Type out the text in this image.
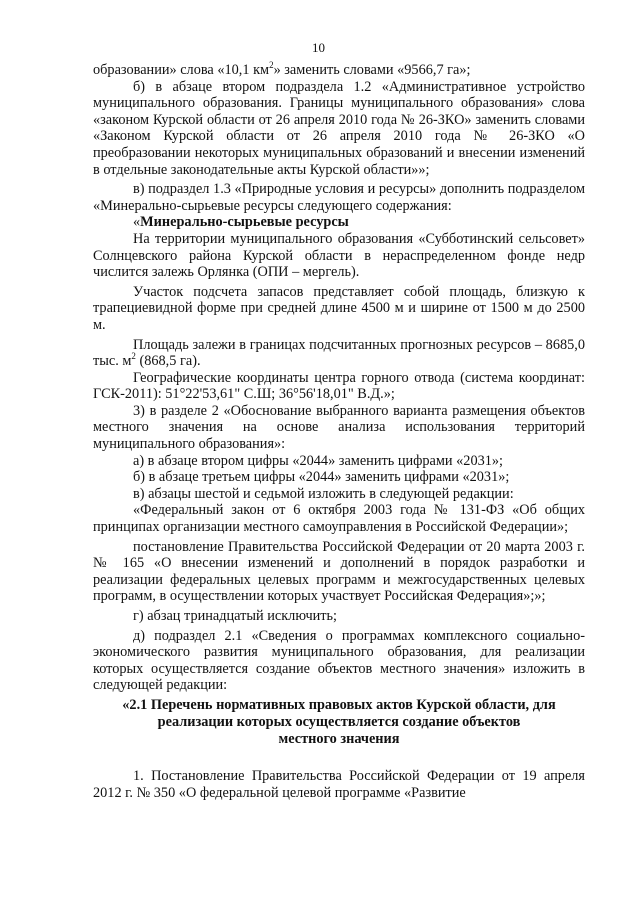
10

образовании» слова «10,1 $км^2$» заменить словами «9566,7 га»;

б) в абзаце втором подраздела 1.2 «Административное устройство муниципального образования. Границы муниципального образования» слова «законом Курской области от 26 апреля 2010 года № 26-ЗКО» заменить словами «Законом Курской области от 26 апреля 2010 года № 26-ЗКО «О преобразовании некоторых муниципальных образований и внесении изменений в отдельные законодательные акты Курской области»»;

в) подраздел 1.3 «Природные условия и ресурсы» дополнить подразделом «Минерально-сырьевые ресурсы следующего содержания:

«Минерально-сырьевые ресурсы

На территории муниципального образования «Субботинский сельсовет» Солнцевского района Курской области в нераспределенном фонде недр числится залежь Орлянка (ОПИ – мергель).

Участок подсчета запасов представляет собой площадь, близкую к трапециевидной форме при средней длине 4500 м и ширине от 1500 м до 2500 м.

Площадь залежи в границах подсчитанных прогнозных ресурсов – 8685,0 тыс. $м^2$ (868,5 га).

Географические координаты центра горного отвода (система координат: ГСК-2011): 51°22'53,61" С.Ш; 36°56'18,01" В.Д.»;

3) в разделе 2 «Обоснование выбранного варианта размещения объектов местного значения на основе анализа использования территорий муниципального образования»:

а) в абзаце втором цифры «2044» заменить цифрами «2031»;

б) в абзаце третьем цифры «2044» заменить цифрами «2031»;

в) абзацы шестой и седьмой изложить в следующей редакции:

«Федеральный закон от 6 октября 2003 года № 131-ФЗ «Об общих принципах организации местного самоуправления в Российской Федерации»;

постановление Правительства Российской Федерации от 20 марта 2003 г. № 165 «О внесении изменений и дополнений в порядок разработки и реализации федеральных целевых программ и межгосударственных целевых программ, в осуществлении которых участвует Российская Федерация»;»;

г) абзац тринадцатый исключить;

д) подраздел 2.1 «Сведения о программах комплексного социально-экономического развития муниципального образования, для реализации которых осуществляется создание объектов местного значения» изложить в следующей редакции:

«2.1 Перечень нормативных правовых актов Курской области, для
реализации которых осуществляется создание объектов
местного значения

1. Постановление Правительства Российской Федерации от 19 апреля 2012 г. № 350 «О федеральной целевой программе «Развитие
